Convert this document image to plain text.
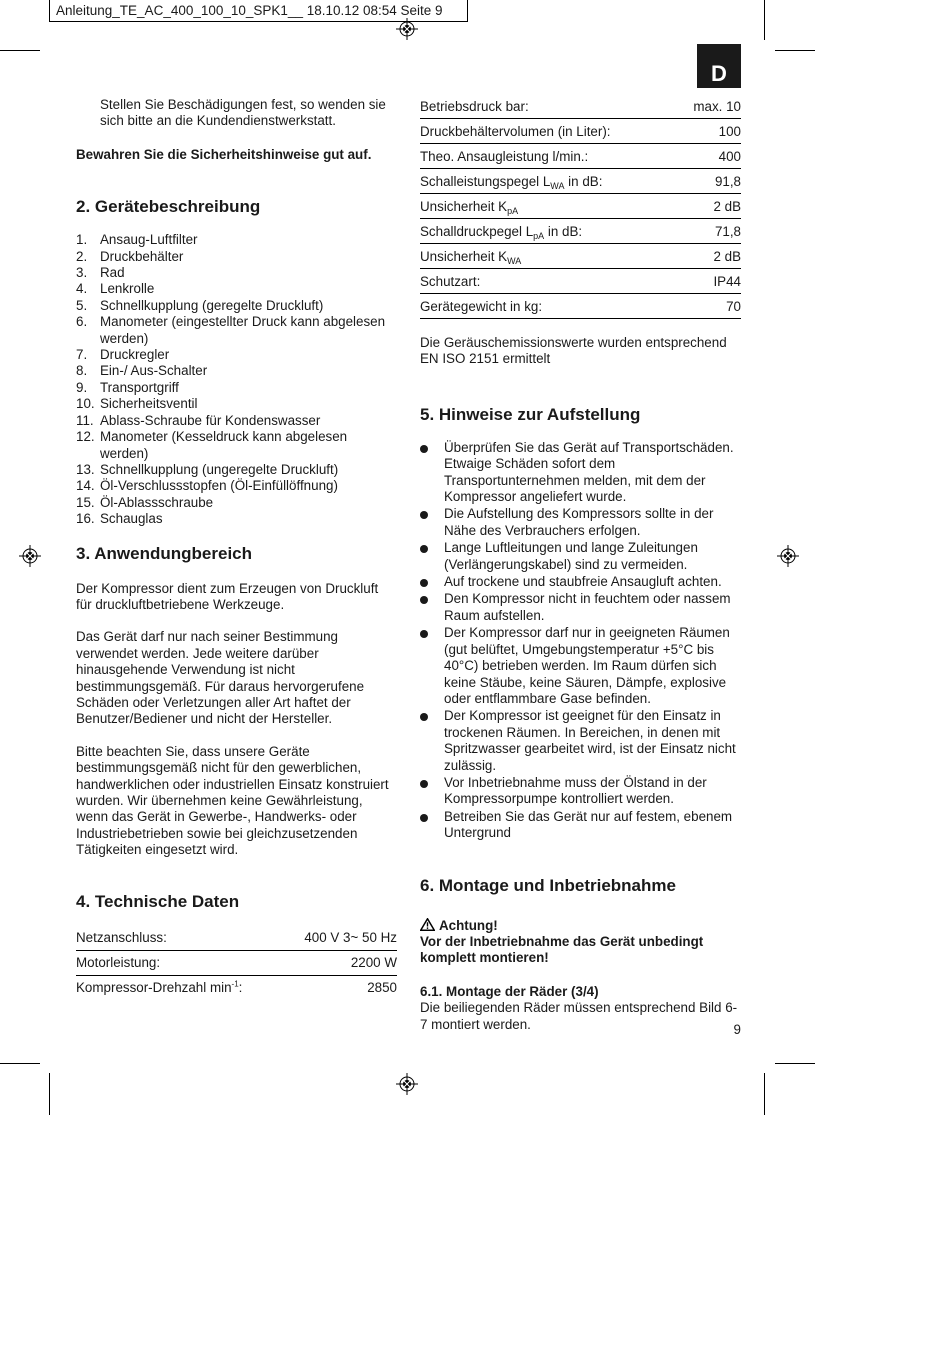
Anleitung_TE_AC_400_100_10_SPK1__ 18.10.12 08:54 Seite 9
D

Stellen Sie Beschädigungen fest, so wenden sie sich bitte an die Kundendienstwerkstatt.

Bewahren Sie die Sicherheitshinweise gut auf.

2. Gerätebeschreibung
1. Ansaug-Luftfilter
2. Druckbehälter
3. Rad
4. Lenkrolle
5. Schnellkupplung (geregelte Druckluft)
6. Manometer (eingestellter Druck kann abgelesen werden)
7. Druckregler
8. Ein-/ Aus-Schalter
9. Transportgriff
10. Sicherheitsventil
11. Ablass-Schraube für Kondenswasser
12. Manometer (Kesseldruck kann abgelesen werden)
13. Schnellkupplung (ungeregelte Druckluft)
14. Öl-Verschlussstopfen (Öl-Einfüllöffnung)
15. Öl-Ablassschraube
16. Schauglas
3. Anwendungbereich

Der Kompressor dient zum Erzeugen von Druckluft für druckluftbetriebene Werkzeuge.

Das Gerät darf nur nach seiner Bestimmung verwendet werden. Jede weitere darüber hinausgehende Verwendung ist nicht bestimmungsgemäß. Für daraus hervorgerufene Schäden oder Verletzungen aller Art haftet der Benutzer/Bediener und nicht der Hersteller.

Bitte beachten Sie, dass unsere Geräte bestimmungsgemäß nicht für den gewerblichen, handwerklichen oder industriellen Einsatz konstruiert wurden. Wir übernehmen keine Gewährleistung, wenn das Gerät in Gewerbe-, Handwerks- oder Industriebetrieben sowie bei gleichzusetzenden Tätigkeiten eingesetzt wird.

4. Technische Daten
Netzanschluss:	400 V 3~ 50 Hz
Motorleistung:	2200 W
Kompressor-Drehzahl $\min^{-1}$:	2850
Betriebsdruck bar:	max. 10
Druckbehältervolumen (in Liter):	100
Theo. Ansaugleistung l/min.:	400
Schalleistungspegel $L_{WA}$ in dB:	91,8
Unsicherheit $K_{pA}$	2 dB
Schalldruckpegel $L_{pA}$ in dB:	71,8
Unsicherheit $K_{WA}$	2 dB
Schutzart:	IP44
Gerätegewicht in kg:	70

Die Geräuschemissionswerte wurden entsprechend EN ISO 2151 ermittelt

5. Hinweise zur Aufstellung
Überprüfen Sie das Gerät auf Transportschäden. Etwaige Schäden sofort dem Transportunternehmen melden, mit dem der Kompressor angeliefert wurde.
Die Aufstellung des Kompressors sollte in der Nähe des Verbrauchers erfolgen.
Lange Luftleitungen und lange Zuleitungen (Verlängerungskabel) sind zu vermeiden.
Auf trockene und staubfreie Ansaugluft achten.
Den Kompressor nicht in feuchtem oder nassem Raum aufstellen.
Der Kompressor darf nur in geeigneten Räumen (gut belüftet, Umgebungstemperatur +5°C bis 40°C) betrieben werden. Im Raum dürfen sich keine Stäube, keine Säuren, Dämpfe, explosive oder entflammbare Gase befinden.
Der Kompressor ist geeignet für den Einsatz in trockenen Räumen. In Bereichen, in denen mit Spritzwasser gearbeitet wird, ist der Einsatz nicht zulässig.
Vor Inbetriebnahme muss der Ölstand in der Kompressorpumpe kontrolliert werden.
Betreiben Sie das Gerät nur auf festem, ebenem Untergrund
6. Montage und Inbetriebnahme

Achtung!

Vor der Inbetriebnahme das Gerät unbedingt komplett montieren!

6.1. Montage der Räder (3/4)

Die beiliegenden Räder müssen entsprechend Bild 6-7 montiert werden.	9
